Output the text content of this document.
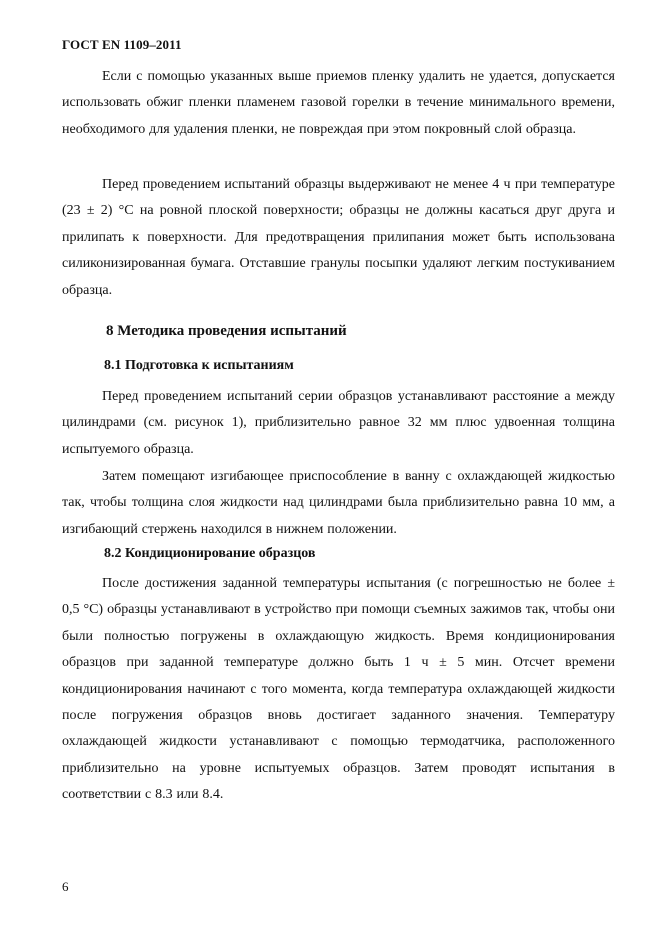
ГОСТ EN 1109–2011

Если с помощью указанных выше приемов пленку удалить не удается, допускается использовать обжиг пленки пламенем газовой горелки в течение минимального времени, необходимого для удаления пленки, не повреждая при этом покровный слой образца.

Перед проведением испытаний образцы выдерживают не менее 4 ч при температуре (23 ± 2) °С на ровной плоской поверхности; образцы не должны касаться друг друга и прилипать к поверхности. Для предотвращения прилипания может быть использована силиконизированная бумага. Отставшие гранулы посыпки удаляют легким постукиванием образца.

8 Методика проведения испытаний
8.1 Подготовка к испытаниям

Перед проведением испытаний серии образцов устанавливают расстояние а между цилиндрами (см. рисунок 1), приблизительно равное 32 мм плюс удвоенная толщина испытуемого образца.

Затем помещают изгибающее приспособление в ванну с охлаждающей жидкостью так, чтобы толщина слоя жидкости над цилиндрами была приблизительно равна 10 мм, а изгибающий стержень находился в нижнем положении.

8.2 Кондиционирование образцов

После достижения заданной температуры испытания (с погрешностью не более ± 0,5 °С) образцы устанавливают в устройство при помощи съемных зажимов так, чтобы они были полностью погружены в охлаждающую жидкость. Время кондиционирования образцов при заданной температуре должно быть 1 ч ± 5 мин. Отсчет времени кондиционирования начинают с того момента, когда температура охлаждающей жидкости после погружения образцов вновь достигает заданного значения. Температуру охлаждающей жидкости устанавливают с помощью термодатчика, расположенного приблизительно на уровне испытуемых образцов. Затем проводят испытания в соответствии с 8.3 или 8.4.

6
